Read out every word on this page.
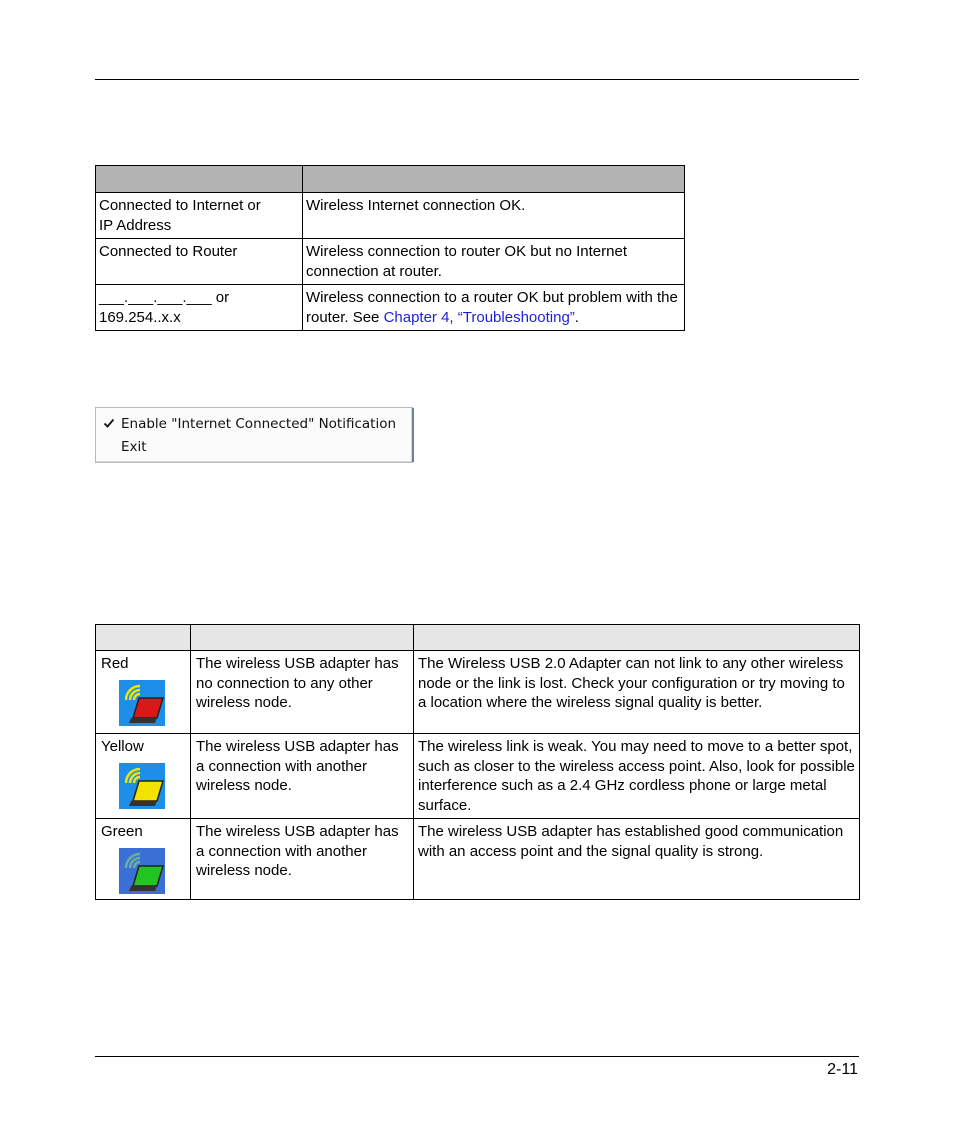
Connected to Internet or IP Address	Wireless Internet connection OK.
Connected to Router	Wireless connection to router OK but no Internet connection at router.
___.___.___.___ or
169.254..x.x	Wireless connection to a router OK but problem with the router. See Chapter 4, “Troubleshooting”.
Enable "Internet Connected" Notification
Exit

Red	The wireless USB adapter has no connection to any other wireless node.	The Wireless USB 2.0 Adapter can not link to any other wireless node or the link is lost. Check your configuration or try moving to a location where the wireless signal quality is better.
Yellow	The wireless USB adapter has a connection with another wireless node.	The wireless link is weak. You may need to move to a better spot, such as closer to the wireless access point. Also, look for possible interference such as a 2.4 GHz cordless phone or large metal surface.
Green	The wireless USB adapter has a connection with another wireless node.	The wireless USB adapter has established good communication with an access point and the signal quality is strong.
2-11
